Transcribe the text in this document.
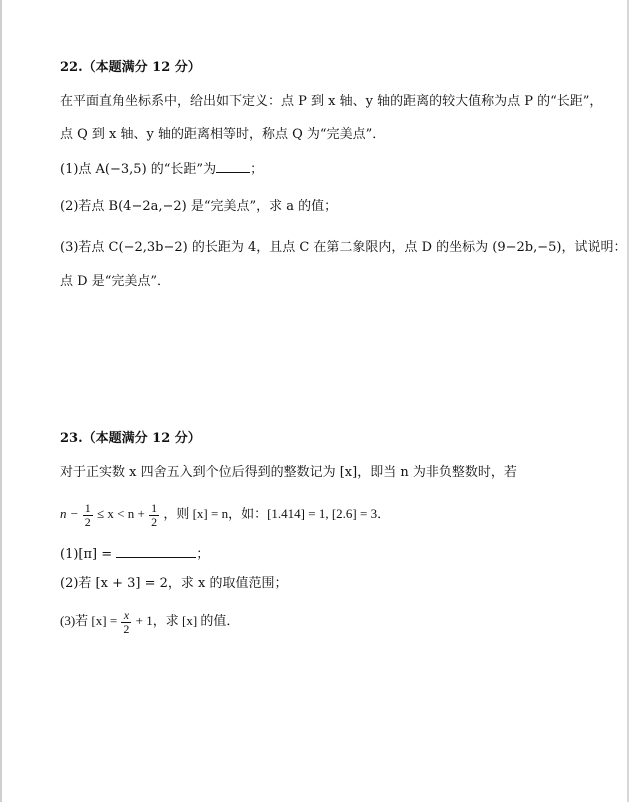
22.（本题满分 12 分）
在平面直角坐标系中，给出如下定义：点 P 到 x 轴、y 轴的距离的较大值称为点 P 的“长距”，
点 Q 到 x 轴、y 轴的距离相等时，称点 Q 为“完美点”．
(1)点 A(−3,5) 的“长距”为	；
(2)若点 B(4−2a,−2) 是“完美点”，求 a 的值；
(3)若点 C(−2,3b−2) 的长距为 4，且点 C 在第二象限内，点 D 的坐标为 (9−2b,−5)，试说明：
点 D 是“完美点”．
23.（本题满分 12 分）
对于正实数 x 四舍五入到个位后得到的整数记为 [x]，即当 n 为非负整数时，若
$n - \frac{1}{2} \le x < n + \frac{1}{2}$ ，则 [x] = n，如：[1.414] = 1, [2.6] = 3．
(1)[π] =	；
(2)若 [x + 3] = 2，求 x 的取值范围；
(3)若 $[x] = \frac{x}{2} + 1$，求 [x] 的值．
